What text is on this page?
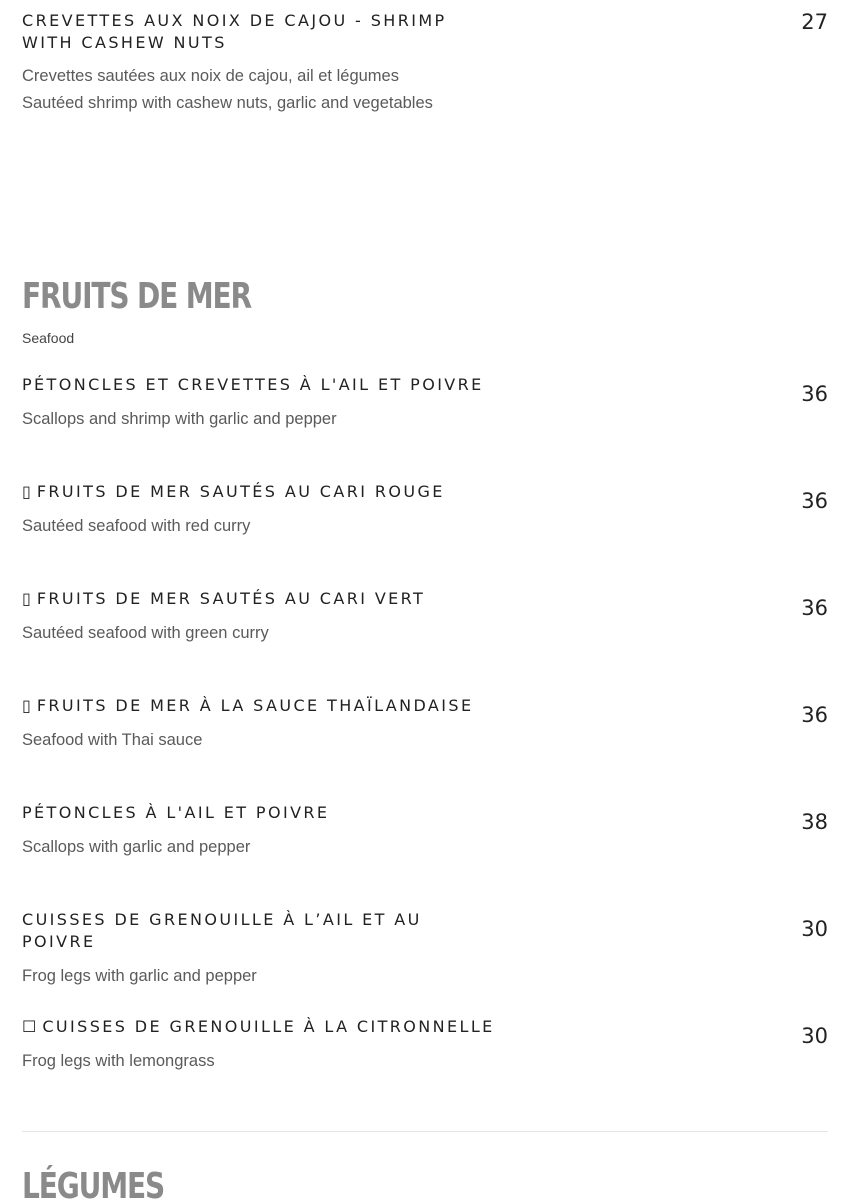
CREVETTES AUX NOIX DE CAJOU - SHRIMP WITH CASHEW NUTS
27
Crevettes sautées aux noix de cajou, ail et légumes
Sautéed shrimp with cashew nuts, garlic and vegetables
FRUITS DE MER
Seafood
PÉTONCLES ET CREVETTES À L'AIL ET POIVRE	36
Scallops and shrimp with garlic and pepper
▯ FRUITS DE MER SAUTÉS AU CARI ROUGE	36
Sautéed seafood with red curry
▯ FRUITS DE MER SAUTÉS AU CARI VERT	36
Sautéed seafood with green curry
▯ FRUITS DE MER À LA SAUCE THAÏLANDAISE	36
Seafood with Thai sauce
PÉTONCLES À L'AIL ET POIVRE	38
Scallops with garlic and pepper
CUISSES DE GRENOUILLE À L’AIL ET AU POIVRE
30
Frog legs with garlic and pepper
☐ CUISSES DE GRENOUILLE À LA CITRONNELLE	30
Frog legs with lemongrass
LÉGUMES
